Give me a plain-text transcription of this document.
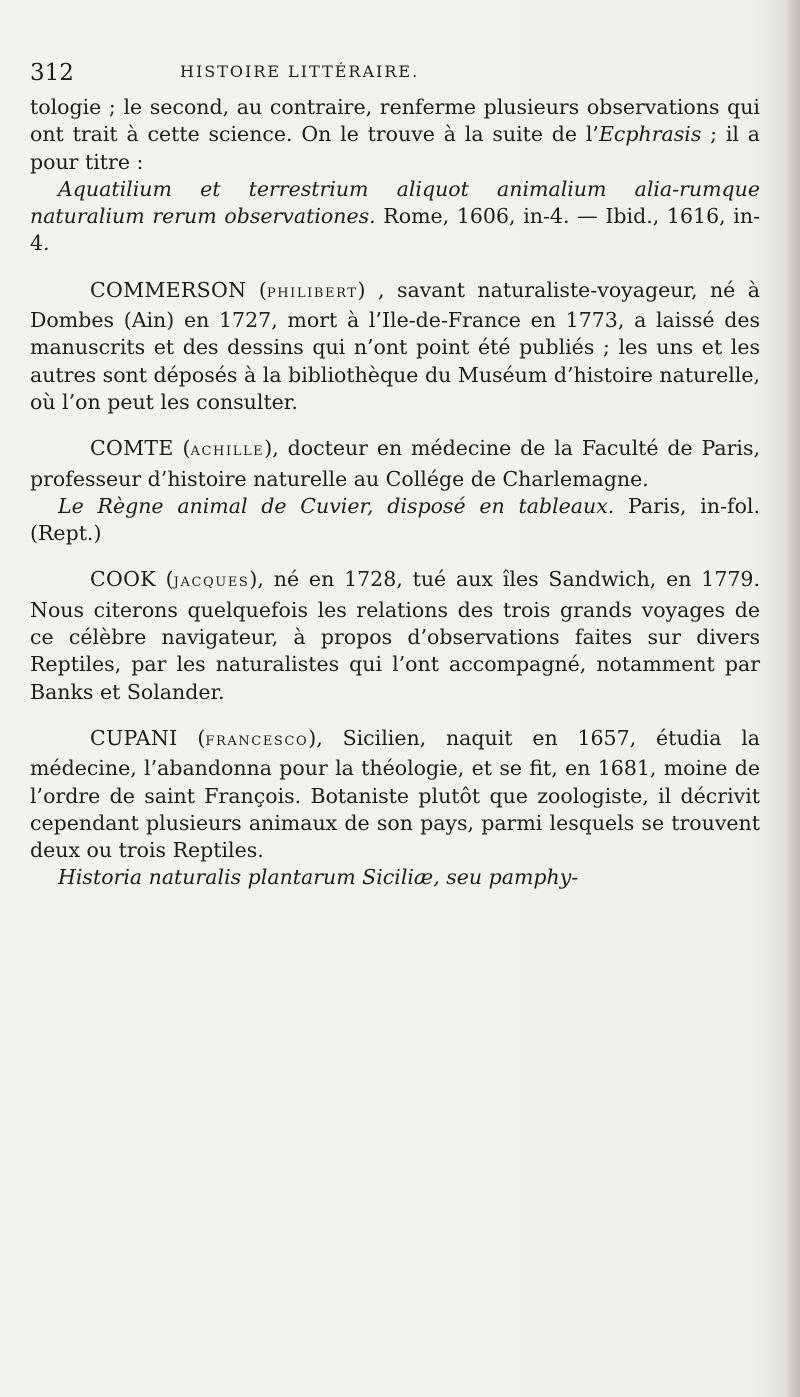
312	HISTOIRE LITTÉRAIRE.

tologie ; le second, au contraire, renferme plusieurs observations qui ont trait à cette science. On le trouve à la suite de l’Ecphrasis ; il a pour titre :

Aquatilium et terrestrium aliquot animalium alia-rumque naturalium rerum observationes. Rome, 1606, in-4. — Ibid., 1616, in-4.

COMMERSON (PHILIBERT) , savant naturaliste-voyageur, né à Dombes (Ain) en 1727, mort à l’Ile-de-France en 1773, a laissé des manuscrits et des dessins qui n’ont point été publiés ; les uns et les autres sont déposés à la bibliothèque du Muséum d’histoire naturelle, où l’on peut les consulter.

COMTE (ACHILLE), docteur en médecine de la Faculté de Paris, professeur d’histoire naturelle au Collége de Charlemagne.

Le Règne animal de Cuvier, disposé en tableaux. Paris, in-fol. (Rept.)

COOK (JACQUES), né en 1728, tué aux îles Sandwich, en 1779. Nous citerons quelquefois les relations des trois grands voyages de ce célèbre navigateur, à propos d’observations faites sur divers Reptiles, par les naturalistes qui l’ont accompagné, notamment par Banks et Solander.

CUPANI (FRANCESCO), Sicilien, naquit en 1657, étudia la médecine, l’abandonna pour la théologie, et se fit, en 1681, moine de l’ordre de saint François. Botaniste plutôt que zoologiste, il décrivit cependant plusieurs animaux de son pays, parmi lesquels se trouvent deux ou trois Reptiles.

Historia naturalis plantarum Siciliæ, seu pamphy-
